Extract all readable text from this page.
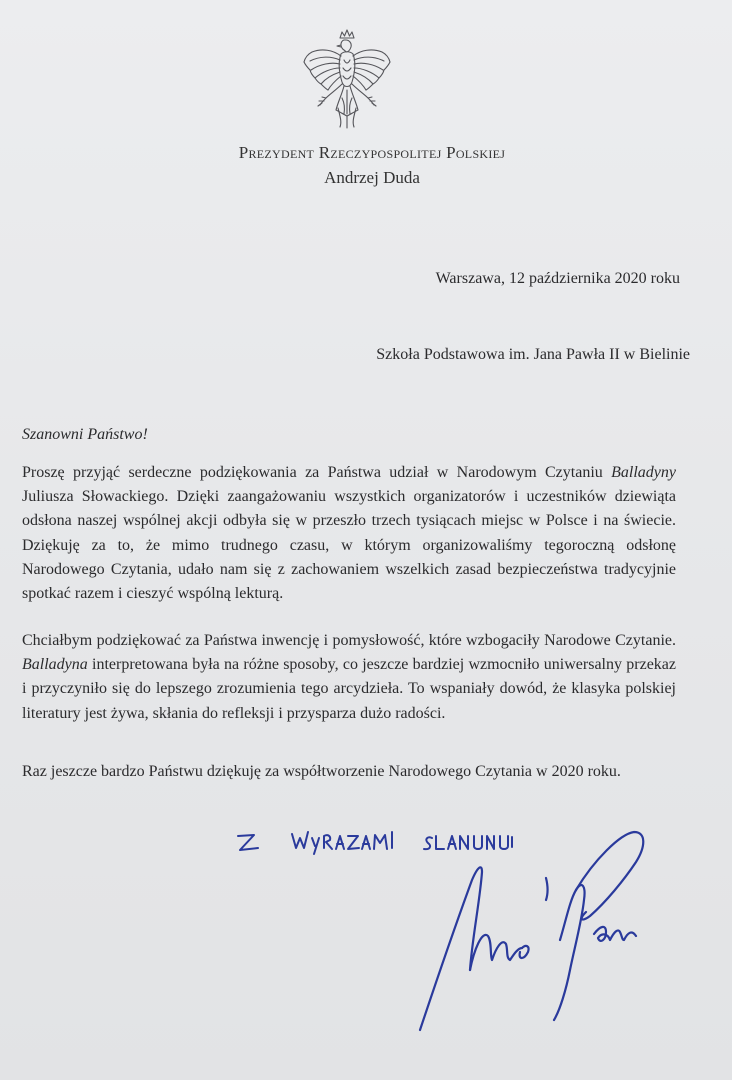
Prezydent Rzeczypospolitej Polskiej
Andrzej Duda
Warszawa, 12 października 2020 roku
Szkoła Podstawowa im. Jana Pawła II w Bielinie
Szanowni Państwo!
Proszę przyjąć serdeczne podziękowania za Państwa udział w Narodowym Czytaniu Balladyny Juliusza Słowackiego. Dzięki zaangażowaniu wszystkich organizatorów i uczestników dziewiąta odsłona naszej wspólnej akcji odbyła się w przeszło trzech tysiącach miejsc w Polsce i na świecie. Dziękuję za to, że mimo trudnego czasu, w którym organizowaliśmy tegoroczną odsłonę Narodowego Czytania, udało nam się z zachowaniem wszelkich zasad bezpieczeństwa tradycyjnie spotkać razem i cieszyć wspólną lekturą.
Chciałbym podziękować za Państwa inwencję i pomysłowość, które wzbogaciły Narodowe Czytanie. Balladyna interpretowana była na różne sposoby, co jeszcze bardziej wzmocniło uniwersalny przekaz i przyczyniło się do lepszego zrozumienia tego arcydzieła. To wspaniały dowód, że klasyka polskiej literatury jest żywa, skłania do refleksji i przysparza dużo radości.
Raz jeszcze bardzo Państwu dziękuję za współtworzenie Narodowego Czytania w 2020 roku.
